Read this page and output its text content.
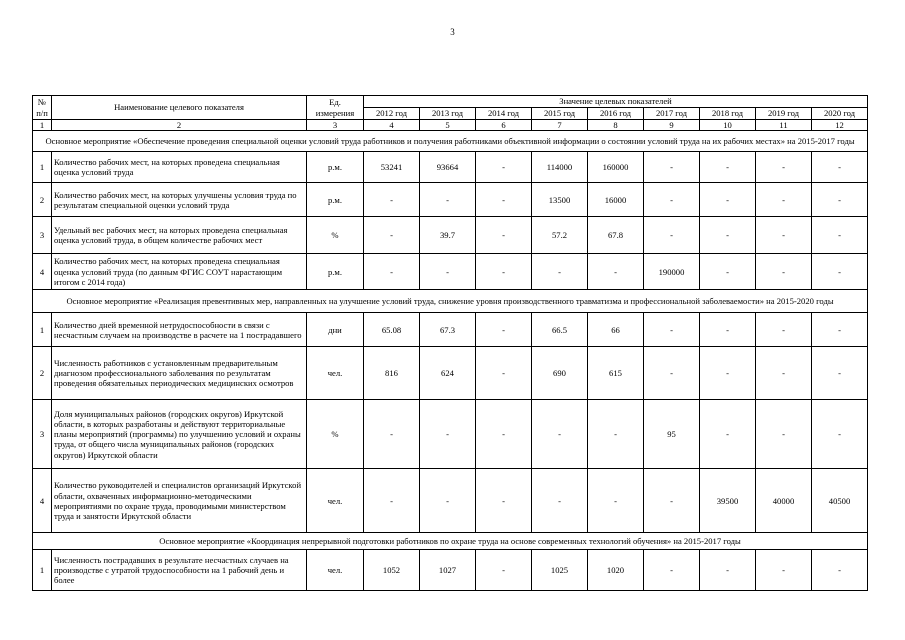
3
№ п/п	Наименование целевого показателя	Ед. измерения	Значение целевых показателей								
			2012 год	2013 год	2014 год	2015 год	2016 год	2017 год	2018 год	2019 год	2020 год
1	2	3	4	5	6	7	8	9	10	11	12
Основное мероприятие «Обеспечение проведения специальной оценки условий труда работников и получения работниками объективной информации о состоянии условий труда на их рабочих местах» на 2015-2017 годы											
1	Количество рабочих мест, на которых проведена специальная оценка условий труда	р.м.	53241	93664	-	114000	160000	-	-	-	-
2	Количество рабочих мест, на которых улучшены условия труда по результатам специальной оценки условий труда	р.м.	-	-	-	13500	16000	-	-	-	-
3	Удельный вес рабочих мест, на которых проведена специальная оценка условий труда, в общем количестве рабочих мест	%	-	39.7	-	57.2	67.8	-	-	-	-
4	Количество рабочих мест, на которых проведена специальная оценка условий труда (по данным ФГИС СОУТ нарастающим итогом с 2014 года)	р.м.	-	-	-	-	-	190000	-	-	-
Основное мероприятие «Реализация превентивных мер, направленных на улучшение условий труда, снижение уровня производственного травматизма и профессиональной заболеваемости» на 2015-2020 годы											
1	Количество дней временной нетрудоспособности в связи с несчастным случаем на производстве в расчете на 1 пострадавшего	дни	65.08	67.3	-	66.5	66	-	-	-	-
2	Численность работников с установленным предварительным диагнозом профессионального заболевания по результатам проведения обязательных периодических медицинских осмотров	чел.	816	624	-	690	615	-	-	-	-
3	Доля муниципальных районов (городских округов) Иркутской области, в которых разработаны и действуют территориальные планы мероприятий (программы) по улучшению условий и охраны труда, от общего числа муниципальных районов (городских округов) Иркутской области	%	-	-	-	-	-	95	-	-	-
4	Количество руководителей и специалистов организаций Иркутской области, охваченных информационно-методическими мероприятиями по охране труда, проводимыми министерством труда и занятости Иркутской области	чел.	-	-	-	-	-	-	39500	40000	40500
Основное мероприятие «Координация непрерывной подготовки работников по охране труда на основе современных технологий обучения» на 2015-2017 годы											
1	Численность пострадавших в результате несчастных случаев на производстве с утратой трудоспособности на 1 рабочий день и более	чел.	1052	1027	-	1025	1020	-	-	-	-
